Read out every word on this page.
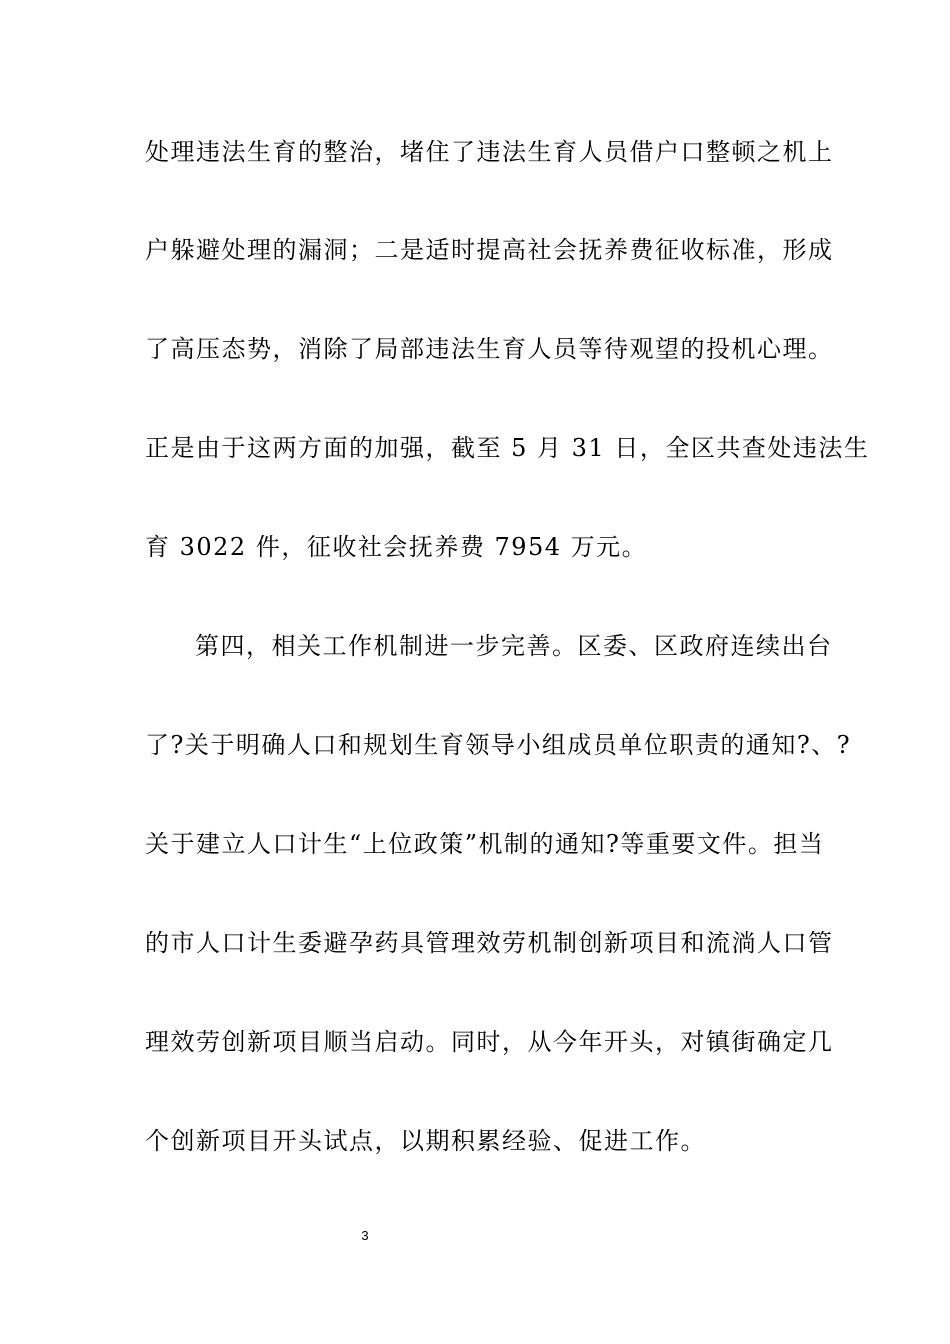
处理违法生育的整治，堵住了违法生育人员借户口整顿之机上
户躲避处理的漏洞；二是适时提高社会抚养费征收标准，形成
了高压态势，消除了局部违法生育人员等待观望的投机心理。
正是由于这两方面的加强，截至 5 月 31 日，全区共查处违法生
育 3022 件，征收社会抚养费 7954 万元。
第四，相关工作机制进一步完善。区委、区政府连续出台
了?关于明确人口和规划生育领导小组成员单位职责的通知?、?
关于建立人口计生“上位政策”机制的通知?等重要文件。担当
的市人口计生委避孕药具管理效劳机制创新项目和流淌人口管
理效劳创新项目顺当启动。同时，从今年开头，对镇街确定几
个创新项目开头试点，以期积累经验、促进工作。
3
